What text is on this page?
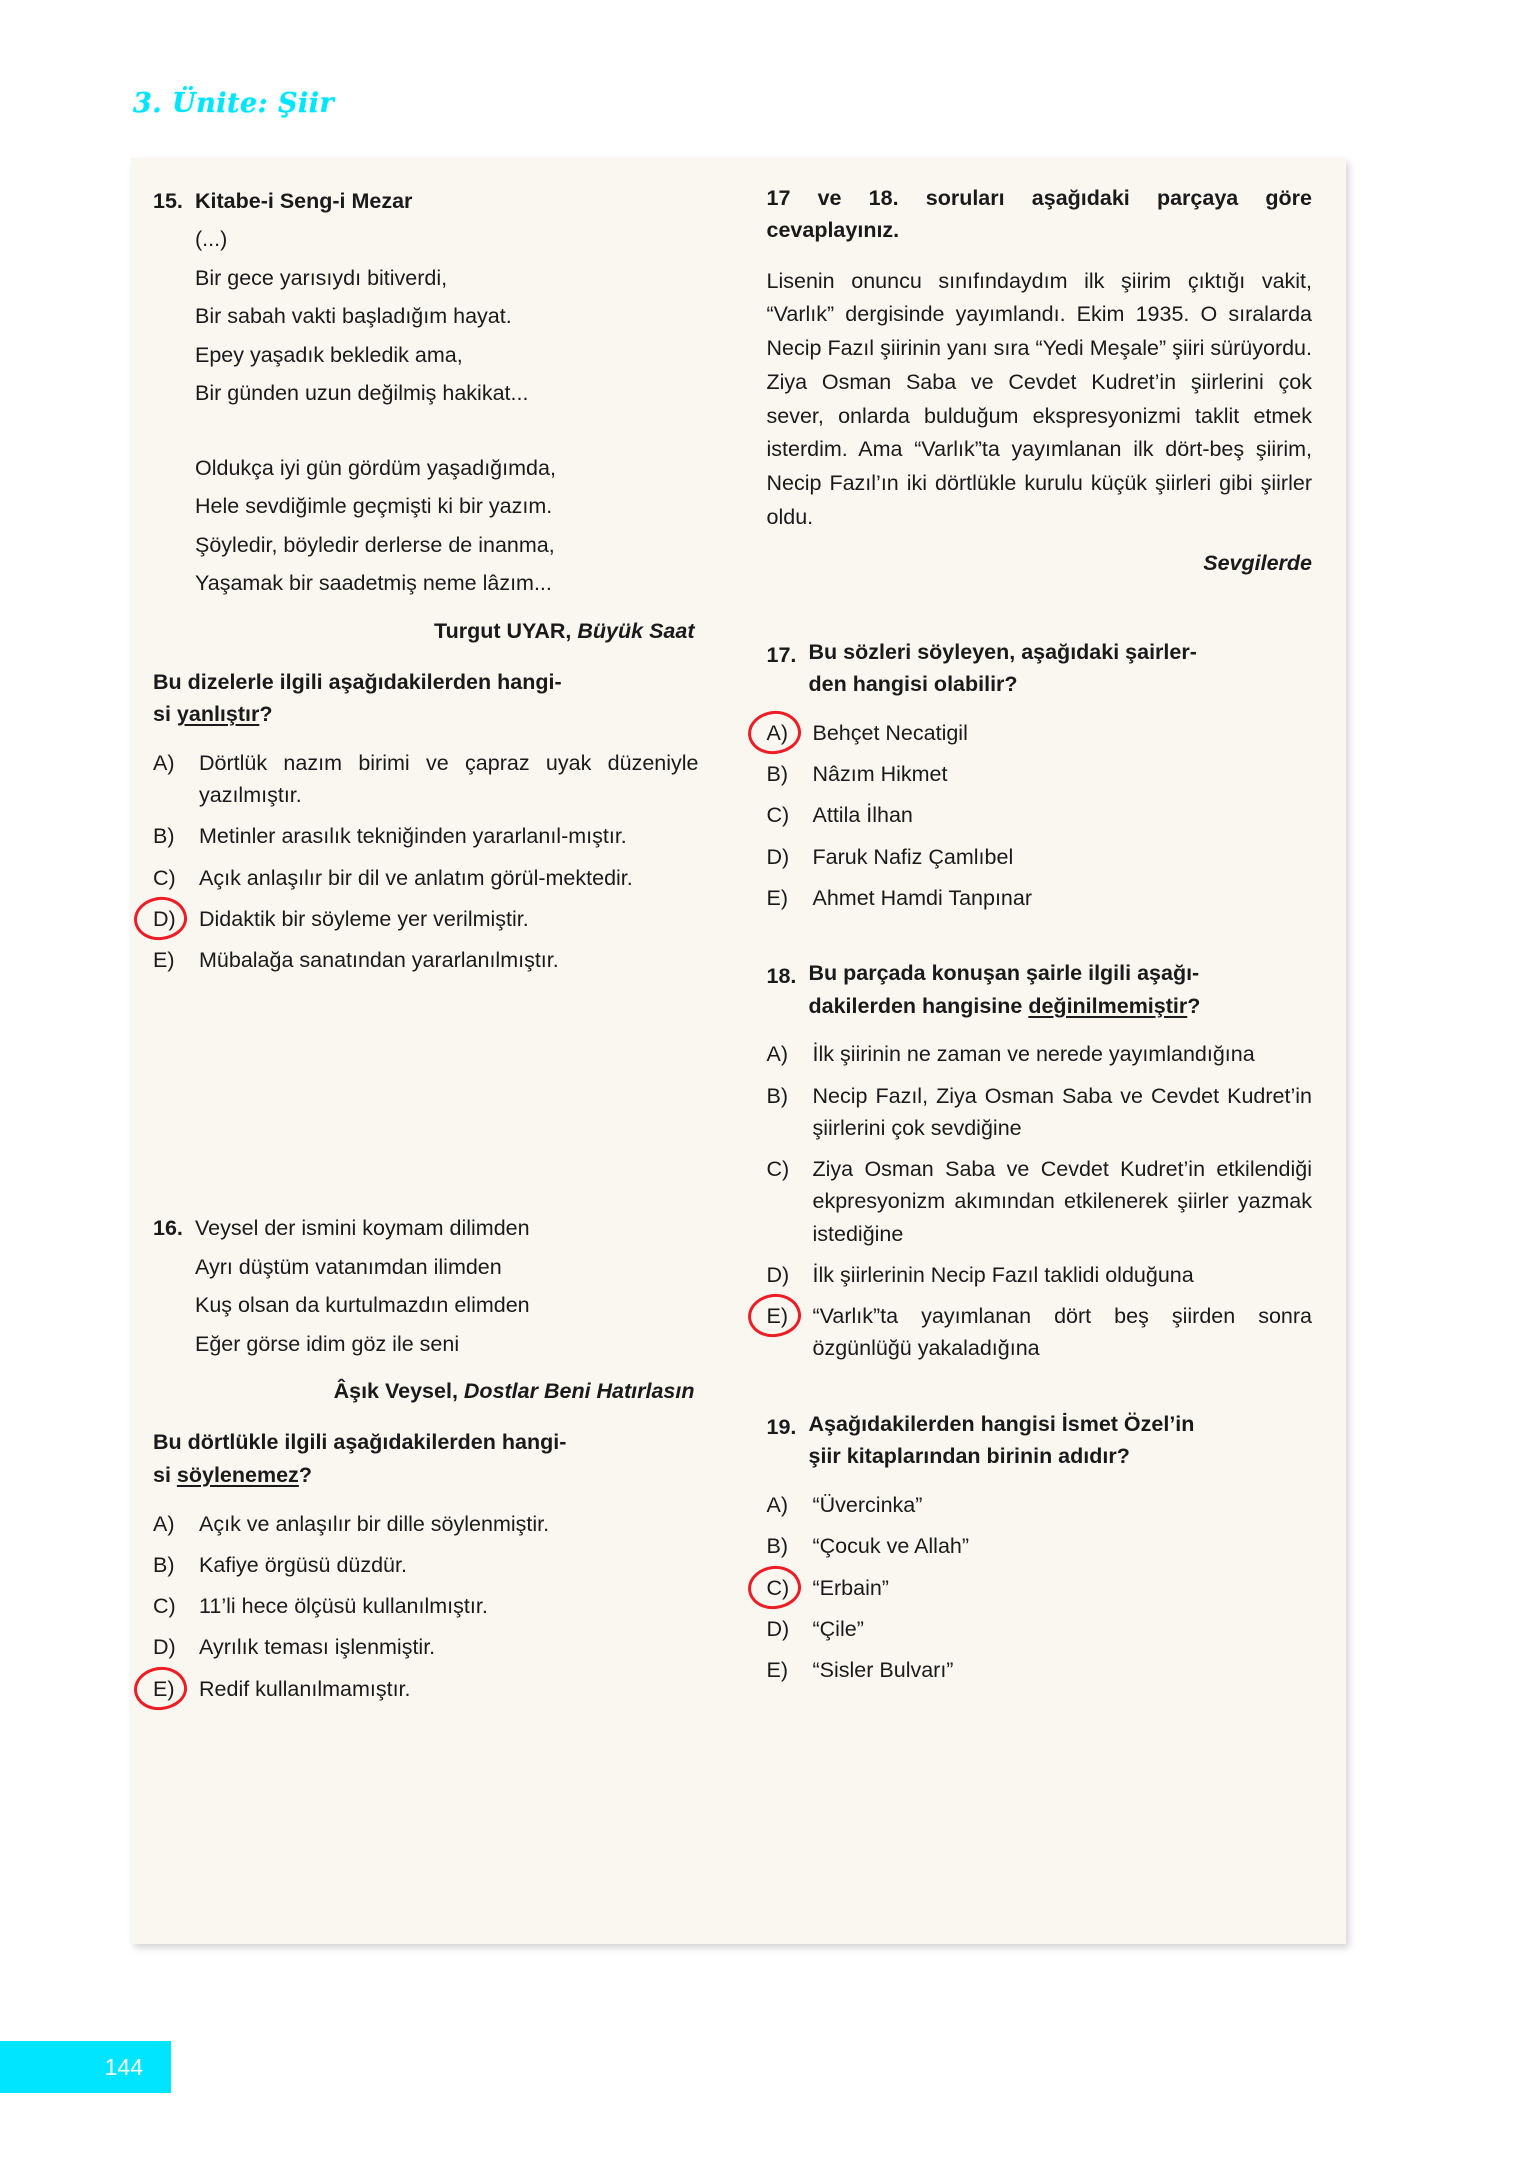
3. Ünite: Şiir
15. Kitabe-i Seng-i Mezar
(...)
Bir gece yarısıydı bitiverdi,
Bir sabah vakti başladığım hayat.
Epey yaşadık bekledik ama,
Bir günden uzun değilmiş hakikat...
Oldukça iyi gün gördüm yaşadığımda,
Hele sevdiğimle geçmişti ki bir yazım.
Şöyledir, böyledir derlerse de inanma,
Yaşamak bir saadetmiş neme lâzım...
Turgut UYAR, Büyük Saat
Bu dizelerle ilgili aşağıdakilerden hangi-
si yanlıştır?
A)	Dörtlük nazım birimi ve çapraz uyak düzeniyle yazılmıştır.
B)	Metinler arasılık tekniğinden yararlanıl-mıştır.
C)	Açık anlaşılır bir dil ve anlatım görül-mektedir.
D)	Didaktik bir söyleme yer verilmiştir.
E)	Mübalağa sanatından yararlanılmıştır.
16. Veysel der ismini koymam dilimden
Ayrı düştüm vatanımdan ilimden
Kuş olsan da kurtulmazdın elimden
Eğer görse idim göz ile seni
Âşık Veysel, Dostlar Beni Hatırlasın
Bu dörtlükle ilgili aşağıdakilerden hangi-
si söylenemez?
A)	Açık ve anlaşılır bir dille söylenmiştir.
B)	Kafiye örgüsü düzdür.
C)	11’li hece ölçüsü kullanılmıştır.
D)	Ayrılık teması işlenmiştir.
E)	Redif kullanılmamıştır.
17 ve 18. soruları aşağıdaki parçaya göre cevaplayınız.
Lisenin onuncu sınıfındaydım ilk şiirim çıktığı vakit, “Varlık” dergisinde yayımlandı. Ekim 1935. O sıralarda Necip Fazıl şiirinin yanı sıra “Yedi Meşale” şiiri sürüyordu. Ziya Osman Saba ve Cevdet Kudret’in şiirlerini çok sever, onlarda bulduğum ekspresyonizmi taklit etmek isterdim. Ama “Varlık”ta yayımlanan ilk dört-beş şiirim, Necip Fazıl’ın iki dörtlükle kurulu küçük şiirleri gibi şiirler oldu.
Sevgilerde
17. Bu sözleri söyleyen, aşağıdaki şairler-
den hangisi olabilir?
A)	Behçet Necatigil
B)	Nâzım Hikmet
C)	Attila İlhan
D)	Faruk Nafiz Çamlıbel
E)	Ahmet Hamdi Tanpınar
18. Bu parçada konuşan şairle ilgili aşağı-
dakilerden hangisine değinilmemiştir?
A)	İlk şiirinin ne zaman ve nerede yayımlandığına
B)	Necip Fazıl, Ziya Osman Saba ve Cevdet Kudret’in şiirlerini çok sevdiğine
C)	Ziya Osman Saba ve Cevdet Kudret’in etkilendiği ekpresyonizm akımından etkilenerek şiirler yazmak istediğine
D)	İlk şiirlerinin Necip Fazıl taklidi olduğuna
E)	“Varlık”ta yayımlanan dört beş şiirden sonra özgünlüğü yakaladığına
19. Aşağıdakilerden hangisi İsmet Özel’in
şiir kitaplarından birinin adıdır?
A)	“Üvercinka”
B)	“Çocuk ve Allah”
C)	“Erbain”
D)	“Çile”
E)	“Sisler Bulvarı”
144
